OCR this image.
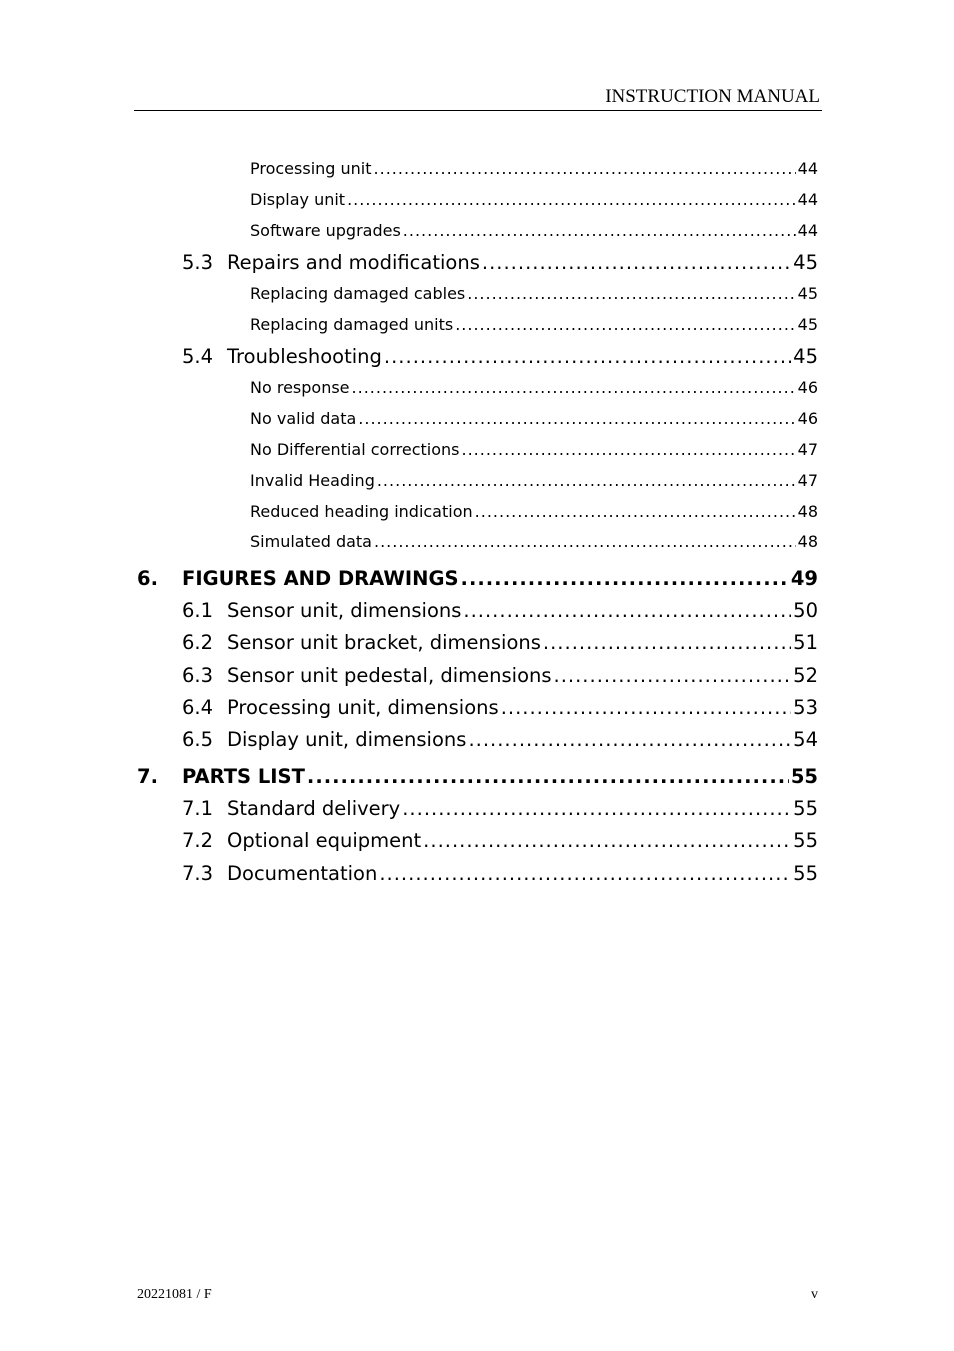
INSTRUCTION MANUAL
Processing unit .....	44
Display unit .....	44
Software upgrades .....	44
5.3 Repairs and modifications .....	45
Replacing damaged cables .....	45
Replacing damaged units .....	45
5.4 Troubleshooting .....	45
No response .....	46
No valid data .....	46
No Differential corrections .....	47
Invalid Heading .....	47
Reduced heading indication .....	48
Simulated data .....	48
6.	FIGURES AND DRAWINGS .....	49
6.1 Sensor unit, dimensions .....	50
6.2 Sensor unit bracket, dimensions .....	51
6.3 Sensor unit pedestal, dimensions .....	52
6.4 Processing unit, dimensions .....	53
6.5 Display unit, dimensions .....	54
7.	PARTS LIST .....	55
7.1 Standard delivery .....	55
7.2 Optional equipment .....	55
7.3 Documentation .....	55
20221081 / F	v
